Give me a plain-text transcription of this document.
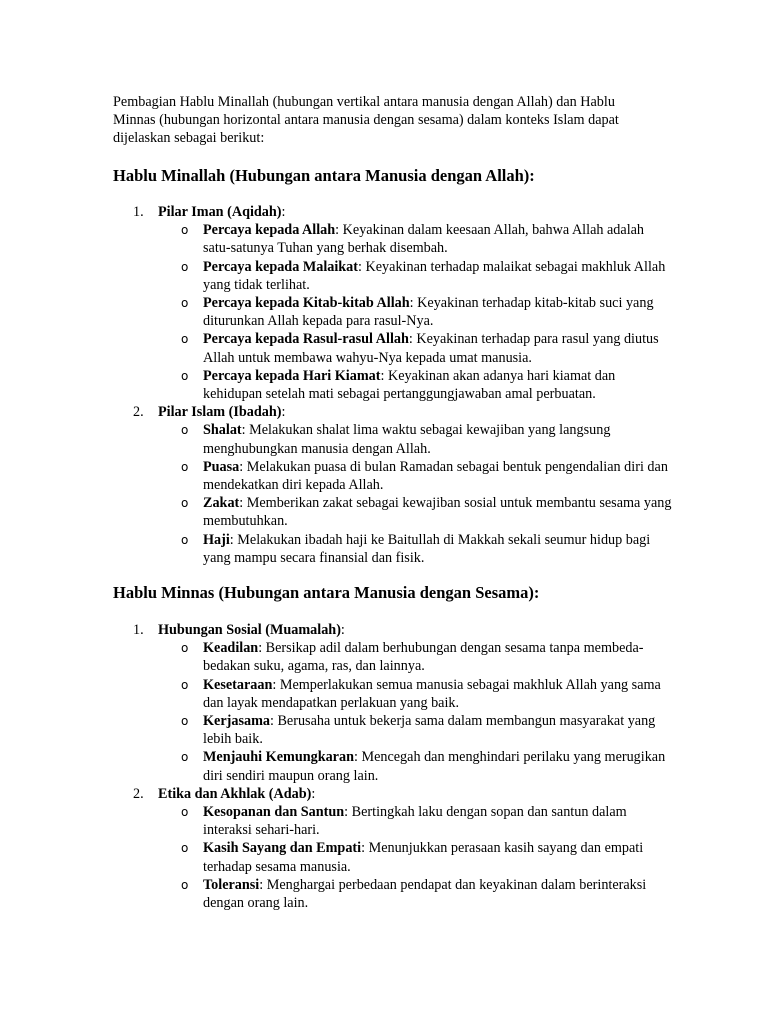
Pembagian Hablu Minallah (hubungan vertikal antara manusia dengan Allah) dan Hablu Minnas (hubungan horizontal antara manusia dengan sesama) dalam konteks Islam dapat dijelaskan sebagai berikut:

Hablu Minallah (Hubungan antara Manusia dengan Allah):
1. Pilar Iman (Aqidah):
o Percaya kepada Allah: Keyakinan dalam keesaan Allah, bahwa Allah adalah satu-satunya Tuhan yang berhak disembah.
o Percaya kepada Malaikat: Keyakinan terhadap malaikat sebagai makhluk Allah yang tidak terlihat.
o Percaya kepada Kitab-kitab Allah: Keyakinan terhadap kitab-kitab suci yang diturunkan Allah kepada para rasul-Nya.
o Percaya kepada Rasul-rasul Allah: Keyakinan terhadap para rasul yang diutus Allah untuk membawa wahyu-Nya kepada umat manusia.
o Percaya kepada Hari Kiamat: Keyakinan akan adanya hari kiamat dan kehidupan setelah mati sebagai pertanggungjawaban amal perbuatan.
2. Pilar Islam (Ibadah):
o Shalat: Melakukan shalat lima waktu sebagai kewajiban yang langsung menghubungkan manusia dengan Allah.
o Puasa: Melakukan puasa di bulan Ramadan sebagai bentuk pengendalian diri dan mendekatkan diri kepada Allah.
o Zakat: Memberikan zakat sebagai kewajiban sosial untuk membantu sesama yang membutuhkan.
o Haji: Melakukan ibadah haji ke Baitullah di Makkah sekali seumur hidup bagi yang mampu secara finansial dan fisik.
Hablu Minnas (Hubungan antara Manusia dengan Sesama):
1. Hubungan Sosial (Muamalah):
o Keadilan: Bersikap adil dalam berhubungan dengan sesama tanpa membeda-bedakan suku, agama, ras, dan lainnya.
o Kesetaraan: Memperlakukan semua manusia sebagai makhluk Allah yang sama dan layak mendapatkan perlakuan yang baik.
o Kerjasama: Berusaha untuk bekerja sama dalam membangun masyarakat yang lebih baik.
o Menjauhi Kemungkaran: Mencegah dan menghindari perilaku yang merugikan diri sendiri maupun orang lain.
2. Etika dan Akhlak (Adab):
o Kesopanan dan Santun: Bertingkah laku dengan sopan dan santun dalam interaksi sehari-hari.
o Kasih Sayang dan Empati: Menunjukkan perasaan kasih sayang dan empati terhadap sesama manusia.
o Toleransi: Menghargai perbedaan pendapat dan keyakinan dalam berinteraksi dengan orang lain.
